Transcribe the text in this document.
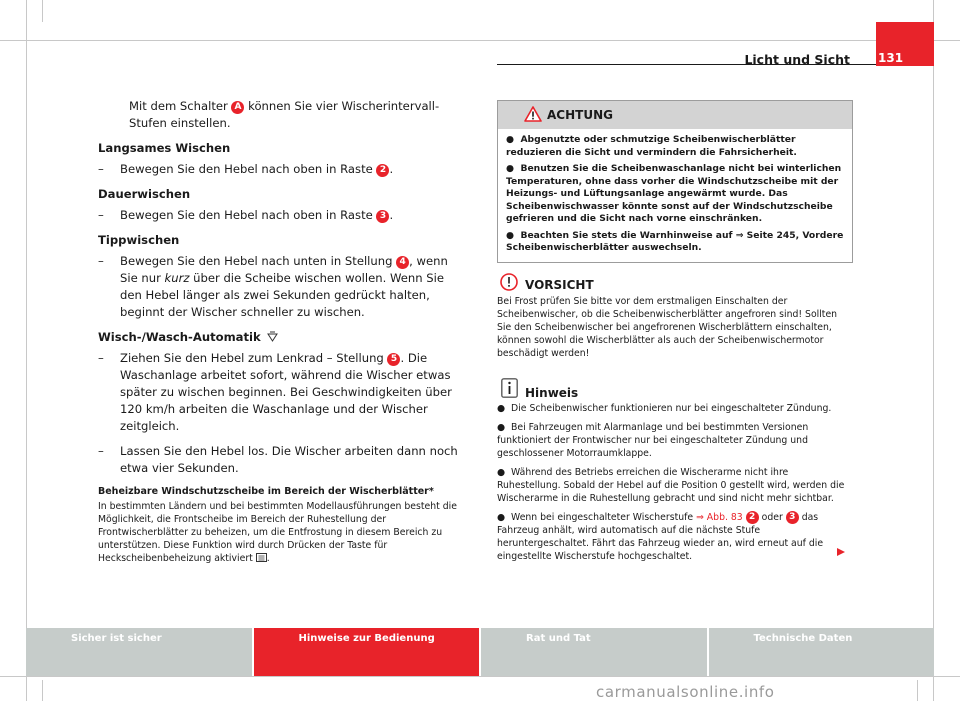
Licht und Sicht 131
Mit dem Schalter A können Sie vier Wischerintervall-Stufen einstellen.
Langsames Wischen
– Bewegen Sie den Hebel nach oben in Raste 2 .
Dauerwischen
– Bewegen Sie den Hebel nach oben in Raste 3 .
Tippwischen
– Bewegen Sie den Hebel nach unten in Stellung 4 , wenn Sie nur kurz über die Scheibe wischen wollen. Wenn Sie den Hebel länger als zwei Sekunden gedrückt halten, beginnt der Wischer schneller zu wischen.
Wisch-/Wasch-Automatik
– Ziehen Sie den Hebel zum Lenkrad – Stellung 5 . Die Waschanlage arbeitet sofort, während die Wischer etwas später zu wischen beginnen. Bei Geschwindigkeiten über 120 km/h arbeiten die Waschanlage und der Wischer zeitgleich.
– Lassen Sie den Hebel los. Die Wischer arbeiten dann noch etwa vier Sekunden.
Beheizbare Windschutzscheibe im Bereich der Wischerblätter*
In bestimmten Ländern und bei bestimmten Modellausführungen besteht die Möglichkeit, die Frontscheibe im Bereich der Ruhestellung der Frontwischerblätter zu beheizen, um die Entfrostung in diesem Bereich zu unterstützen. Diese Funktion wird durch Drücken der Taste für Heckscheibenbeheizung aktiviert .
ACHTUNG
● Abgenutzte oder schmutzige Scheibenwischerblätter reduzieren die Sicht und vermindern die Fahrsicherheit.
● Benutzen Sie die Scheibenwaschanlage nicht bei winterlichen Temperaturen, ohne dass vorher die Windschutzscheibe mit der Heizungs- und Lüftungsanlage angewärmt wurde. Das Scheibenwischwasser könnte sonst auf der Windschutzscheibe gefrieren und die Sicht nach vorne einschränken.
● Beachten Sie stets die Warnhinweise auf ⇒ Seite 245, Vordere Scheibenwischerblätter auswechseln.
VORSICHT
Bei Frost prüfen Sie bitte vor dem erstmaligen Einschalten der Scheibenwischer, ob die Scheibenwischerblätter angefroren sind! Sollten Sie den Scheibenwischer bei angefrorenen Wischerblättern einschalten, können sowohl die Wischerblätter als auch der Scheibenwischermotor beschädigt werden!
Hinweis
● Die Scheibenwischer funktionieren nur bei eingeschalteter Zündung.
● Bei Fahrzeugen mit Alarmanlage und bei bestimmten Versionen funktioniert der Frontwischer nur bei eingeschalteter Zündung und geschlossener Motorraumklappe.
● Während des Betriebs erreichen die Wischerarme nicht ihre Ruhestellung. Sobald der Hebel auf die Position 0 gestellt wird, werden die Wischerarme in die Ruhestellung gebracht und sind nicht mehr sichtbar.
● Wenn bei eingeschalteter Wischerstufe ⇒ Abb. 83 2 oder 3 das Fahrzeug anhält, wird automatisch auf die nächste Stufe heruntergeschaltet. Fährt das Fahrzeug wieder an, wird erneut auf die eingestellte Wischerstufe hochgeschaltet.
Sicher ist sicher	Hinweise zur Bedienung	Rat und Tat	Technische Daten
carmanualsonline.info
